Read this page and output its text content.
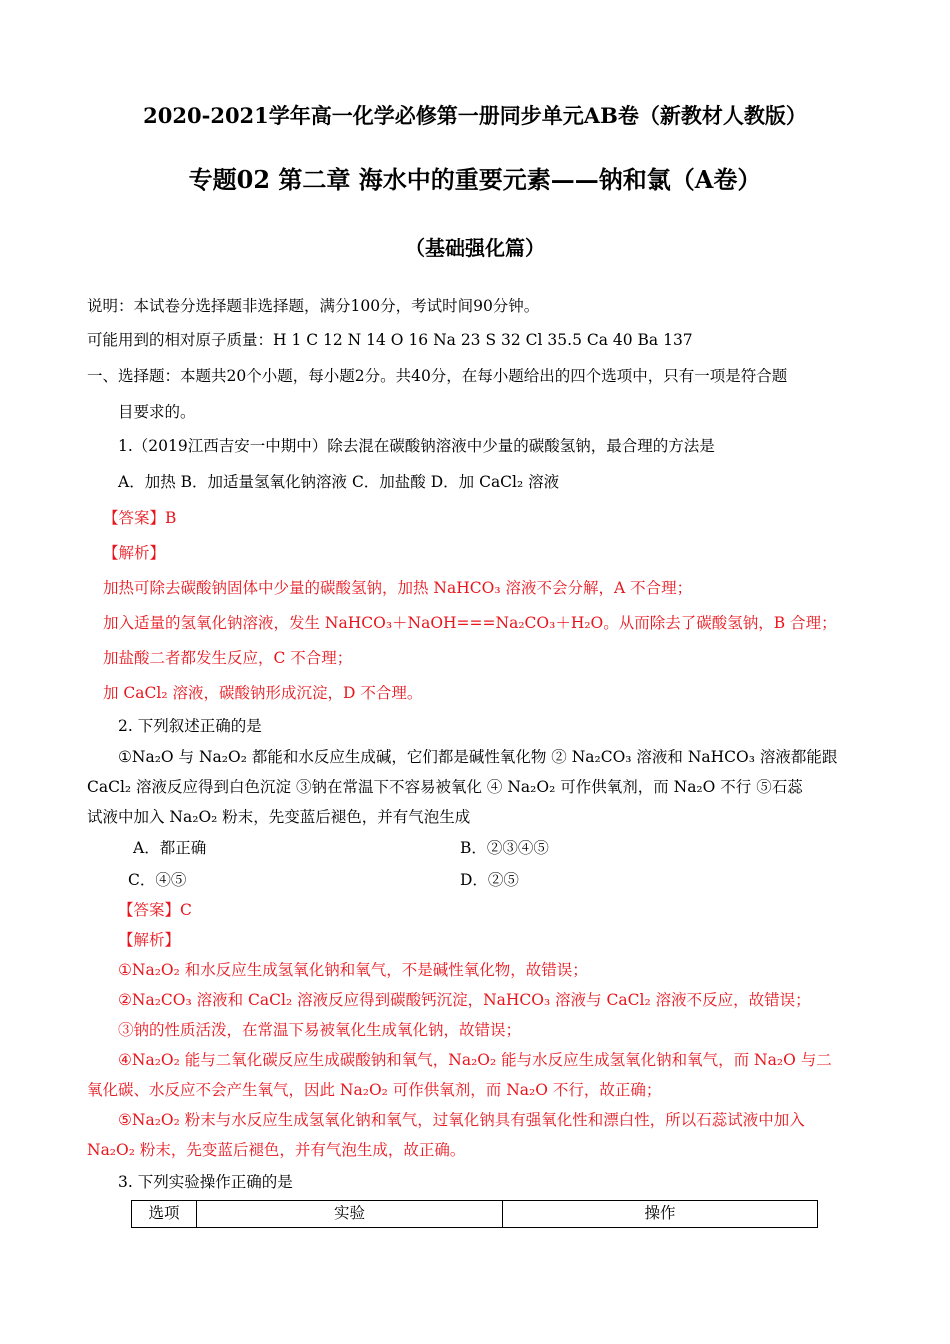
2020-2021学年高一化学必修第一册同步单元AB卷（新教材人教版）
专题02 第二章 海水中的重要元素——钠和氯（A卷）
（基础强化篇）
说明：本试卷分选择题非选择题，满分100分，考试时间90分钟。
可能用到的相对原子质量：H 1 C 12 N 14 O 16 Na 23 S 32 Cl 35.5 Ca 40 Ba 137
一、选择题：本题共20个小题，每小题2分。共40分，在每小题给出的四个选项中，只有一项是符合题
目要求的。
1.（2019江西吉安一中期中）除去混在碳酸钠溶液中少量的碳酸氢钠，最合理的方法是
A．加热 B．加适量氢氧化钠溶液 C．加盐酸 D．加 CaCl₂ 溶液
【答案】B
【解析】
加热可除去碳酸钠固体中少量的碳酸氢钠，加热 NaHCO₃ 溶液不会分解，A 不合理；
加入适量的氢氧化钠溶液，发生 NaHCO₃＋NaOH===Na₂CO₃＋H₂O。从而除去了碳酸氢钠，B 合理；
加盐酸二者都发生反应，C 不合理；
加 CaCl₂ 溶液，碳酸钠形成沉淀，D 不合理。
2. 下列叙述正确的是
①Na₂O 与 Na₂O₂ 都能和水反应生成碱，它们都是碱性氧化物 ② Na₂CO₃ 溶液和 NaHCO₃ 溶液都能跟
CaCl₂ 溶液反应得到白色沉淀 ③钠在常温下不容易被氧化 ④ Na₂O₂ 可作供氧剂，而 Na₂O 不行 ⑤石蕊
试液中加入 Na₂O₂ 粉末，先变蓝后褪色，并有气泡生成
A．都正确	B．②③④⑤
C．④⑤	D．②⑤
【答案】C
【解析】
①Na₂O₂ 和水反应生成氢氧化钠和氧气，不是碱性氧化物，故错误；
②Na₂CO₃ 溶液和 CaCl₂ 溶液反应得到碳酸钙沉淀，NaHCO₃ 溶液与 CaCl₂ 溶液不反应，故错误；
③钠的性质活泼，在常温下易被氧化生成氧化钠，故错误；
④Na₂O₂ 能与二氧化碳反应生成碳酸钠和氧气，Na₂O₂ 能与水反应生成氢氧化钠和氧气，而 Na₂O 与二
氧化碳、水反应不会产生氧气，因此 Na₂O₂ 可作供氧剂，而 Na₂O 不行，故正确；
⑤Na₂O₂ 粉末与水反应生成氢氧化钠和氧气，过氧化钠具有强氧化性和漂白性，所以石蕊试液中加入
Na₂O₂ 粉末，先变蓝后褪色，并有气泡生成，故正确。
3. 下列实验操作正确的是
选项	实验	操作
